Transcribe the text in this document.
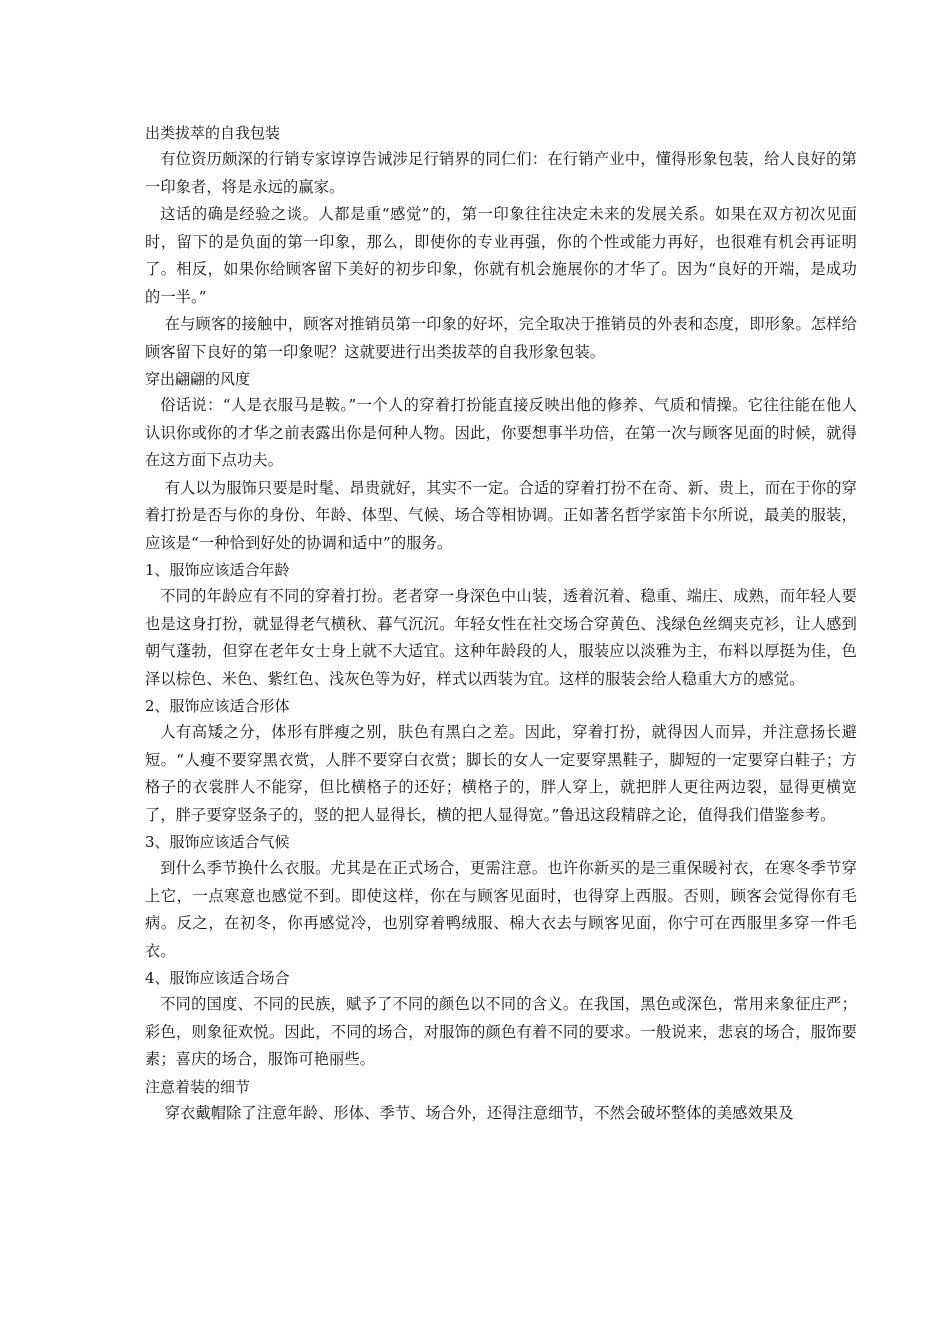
出类拔萃的自我包装

有位资历颇深的行销专家谆谆告诫涉足行销界的同仁们：在行销产业中，懂得形象包装，给人良好的第一印象者，将是永远的赢家。

这话的确是经验之谈。人都是重“感觉”的，第一印象往往决定未来的发展关系。如果在双方初次见面时，留下的是负面的第一印象，那么，即使你的专业再强，你的个性或能力再好，也很难有机会再证明了。相反，如果你给顾客留下美好的初步印象，你就有机会施展你的才华了。因为“良好的开端，是成功的一半。”

在与顾客的接触中，顾客对推销员第一印象的好坏，完全取决于推销员的外表和态度，即形象。怎样给顾客留下良好的第一印象呢？这就要进行出类拔萃的自我形象包装。

穿出翩翩的风度

俗话说：“人是衣服马是鞍。”一个人的穿着打扮能直接反映出他的修养、气质和情操。它往往能在他人认识你或你的才华之前表露出你是何种人物。因此，你要想事半功倍，在第一次与顾客见面的时候，就得在这方面下点功夫。

有人以为服饰只要是时髦、昂贵就好，其实不一定。合适的穿着打扮不在奇、新、贵上，而在于你的穿着打扮是否与你的身份、年龄、体型、气候、场合等相协调。正如著名哲学家笛卡尔所说，最美的服装，应该是“一种恰到好处的协调和适中”的服务。

1、服饰应该适合年龄

不同的年龄应有不同的穿着打扮。老者穿一身深色中山装，透着沉着、稳重、端庄、成熟，而年轻人要也是这身打扮，就显得老气横秋、暮气沉沉。年轻女性在社交场合穿黄色、浅绿色丝绸夹克衫，让人感到朝气蓬勃，但穿在老年女士身上就不大适宜。这种年龄段的人，服装应以淡雅为主，布料以厚挺为佳，色泽以棕色、米色、紫红色、浅灰色等为好，样式以西装为宜。这样的服装会给人稳重大方的感觉。

2、服饰应该适合形体

人有高矮之分，体形有胖瘦之别，肤色有黑白之差。因此，穿着打扮，就得因人而异，并注意扬长避短。“人瘦不要穿黑衣赏，人胖不要穿白衣赏；脚长的女人一定要穿黑鞋子，脚短的一定要穿白鞋子；方格子的衣裳胖人不能穿，但比横格子的还好；横格子的，胖人穿上，就把胖人更往两边裂，显得更横宽了，胖子要穿竖条子的，竖的把人显得长，横的把人显得宽。”鲁迅这段精辟之论，值得我们借鉴参考。

3、服饰应该适合气候

到什么季节换什么衣服。尤其是在正式场合，更需注意。也许你新买的是三重保暖衬衣，在寒冬季节穿上它，一点寒意也感觉不到。即使这样，你在与顾客见面时，也得穿上西服。否则，顾客会觉得你有毛病。反之，在初冬，你再感觉冷，也别穿着鸭绒服、棉大衣去与顾客见面，你宁可在西服里多穿一件毛衣。

4、服饰应该适合场合

不同的国度、不同的民族，赋予了不同的颜色以不同的含义。在我国，黑色或深色，常用来象征庄严；彩色，则象征欢悦。因此，不同的场合，对服饰的颜色有着不同的要求。一般说来，悲哀的场合，服饰要素；喜庆的场合，服饰可艳丽些。

注意着装的细节

穿衣戴帽除了注意年龄、形体、季节、场合外，还得注意细节，不然会破坏整体的美感效果及
